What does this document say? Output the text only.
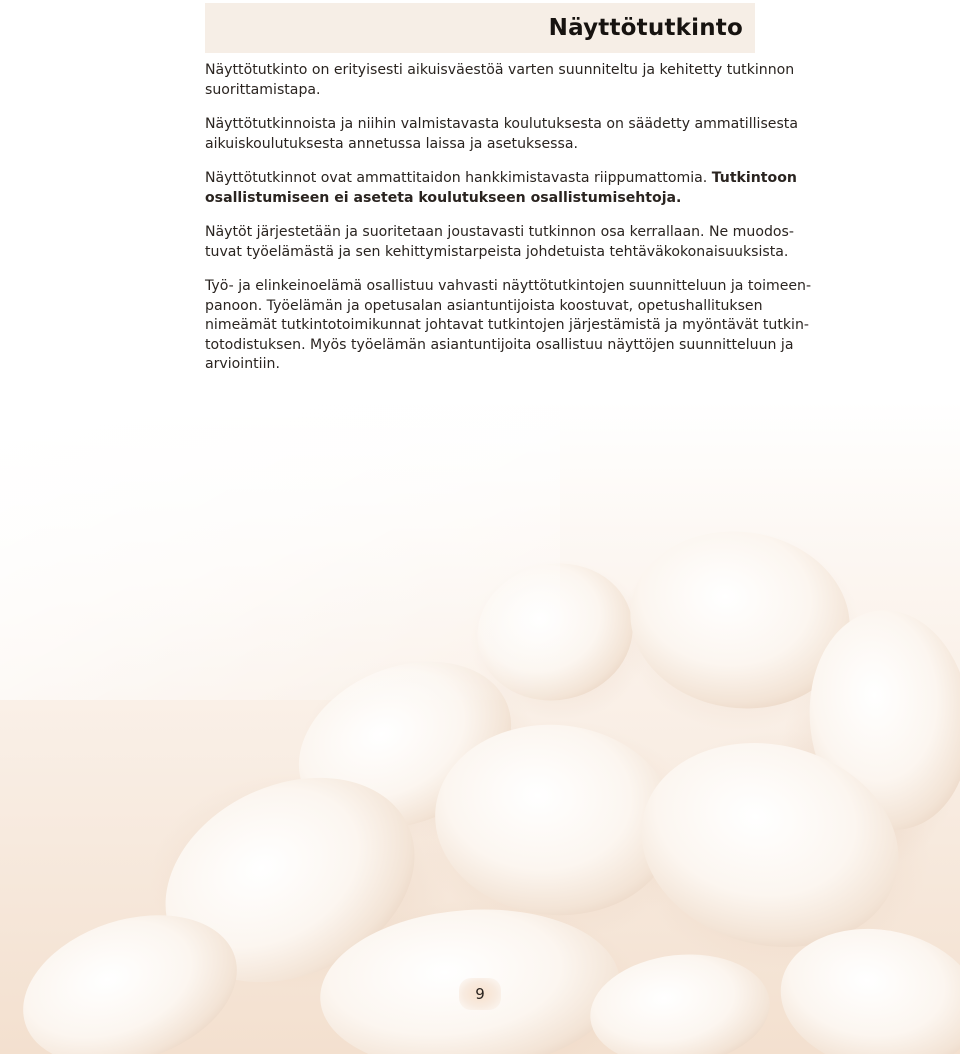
Näyttötutkinto

Näyttötutkinto on erityisesti aikuisväestöä varten suunniteltu ja kehitetty tutkinnon
suorittamistapa.

Näyttötutkinnoista ja niihin valmistavasta koulutuksesta on säädetty ammatillisesta
aikuiskoulutuksesta annetussa laissa ja asetuksessa.

Näyttötutkinnot ovat ammattitaidon hankkimistavasta riippumattomia. Tutkintoon
osallistumiseen ei aseteta koulutukseen osallistumisehtoja.

Näytöt järjestetään ja suoritetaan joustavasti tutkinnon osa kerrallaan. Ne muodos-
tuvat työelämästä ja sen kehittymistarpeista johdetuista tehtäväkokonaisuuksista.

Työ- ja elinkeinoelämä osallistuu vahvasti näyttötutkintojen suunnitteluun ja toimeen-
panoon. Työelämän ja opetusalan asiantuntijoista koostuvat, opetushallituksen
nimeämät tutkintotoimikunnat johtavat tutkintojen järjestämistä ja myöntävät tutkin-
totodistuksen. Myös työelämän asiantuntijoita osallistuu näyttöjen suunnitteluun ja
arviointiin.

9
